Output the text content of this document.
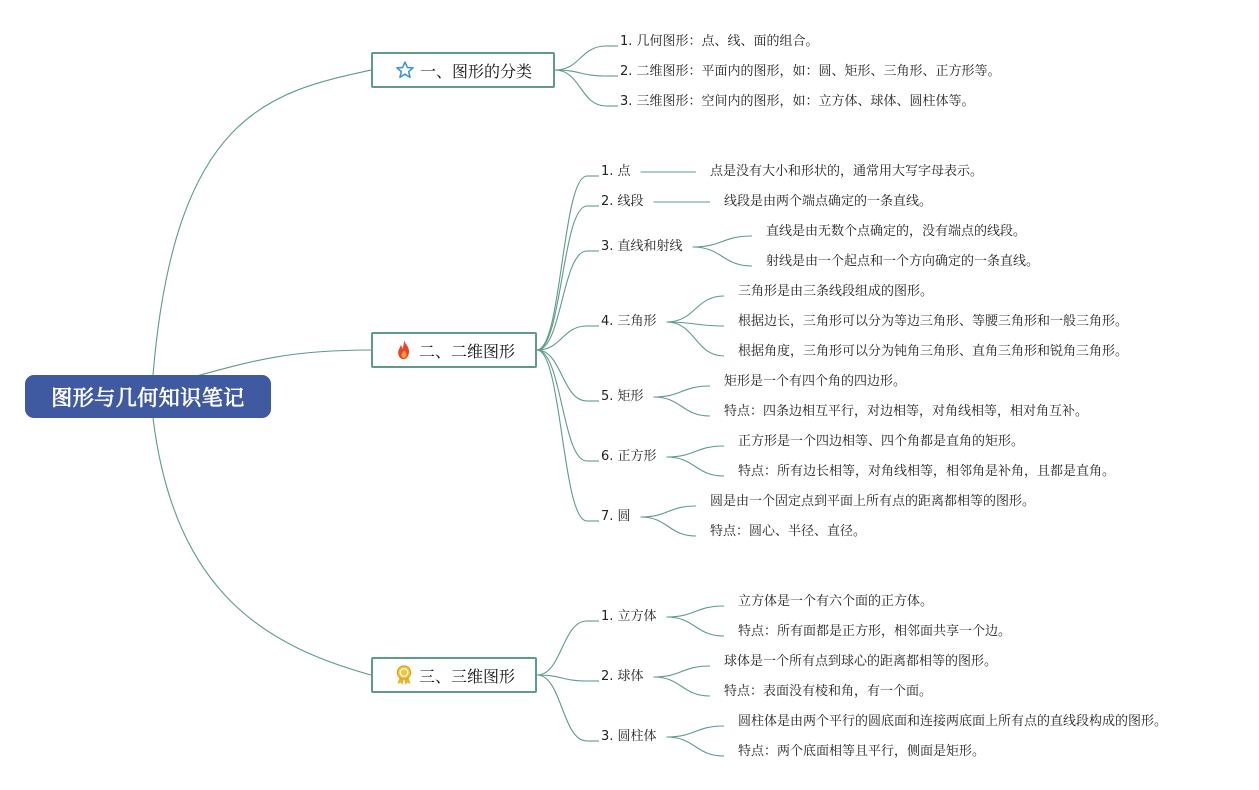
图形与几何知识笔记
一、图形的分类
二、二维图形
三、三维图形
1. 几何图形：点、线、面的组合。
2. 二维图形：平面内的图形，如：圆、矩形、三角形、正方形等。
3. 三维图形：空间内的图形，如：立方体、球体、圆柱体等。
1. 点
2. 线段
3. 直线和射线
4. 三角形
5. 矩形
6. 正方形
7. 圆
点是没有大小和形状的，通常用大写字母表示。
线段是由两个端点确定的一条直线。
直线是由无数个点确定的，没有端点的线段。
射线是由一个起点和一个方向确定的一条直线。
三角形是由三条线段组成的图形。
根据边长，三角形可以分为等边三角形、等腰三角形和一般三角形。
根据角度，三角形可以分为钝角三角形、直角三角形和锐角三角形。
矩形是一个有四个角的四边形。
特点：四条边相互平行，对边相等，对角线相等，相对角互补。
正方形是一个四边相等、四个角都是直角的矩形。
特点：所有边长相等，对角线相等，相邻角是补角，且都是直角。
圆是由一个固定点到平面上所有点的距离都相等的图形。
特点：圆心、半径、直径。
1. 立方体
2. 球体
3. 圆柱体
立方体是一个有六个面的正方体。
特点：所有面都是正方形，相邻面共享一个边。
球体是一个所有点到球心的距离都相等的图形。
特点：表面没有棱和角，有一个面。
圆柱体是由两个平行的圆底面和连接两底面上所有点的直线段构成的图形。
特点：两个底面相等且平行，侧面是矩形。
